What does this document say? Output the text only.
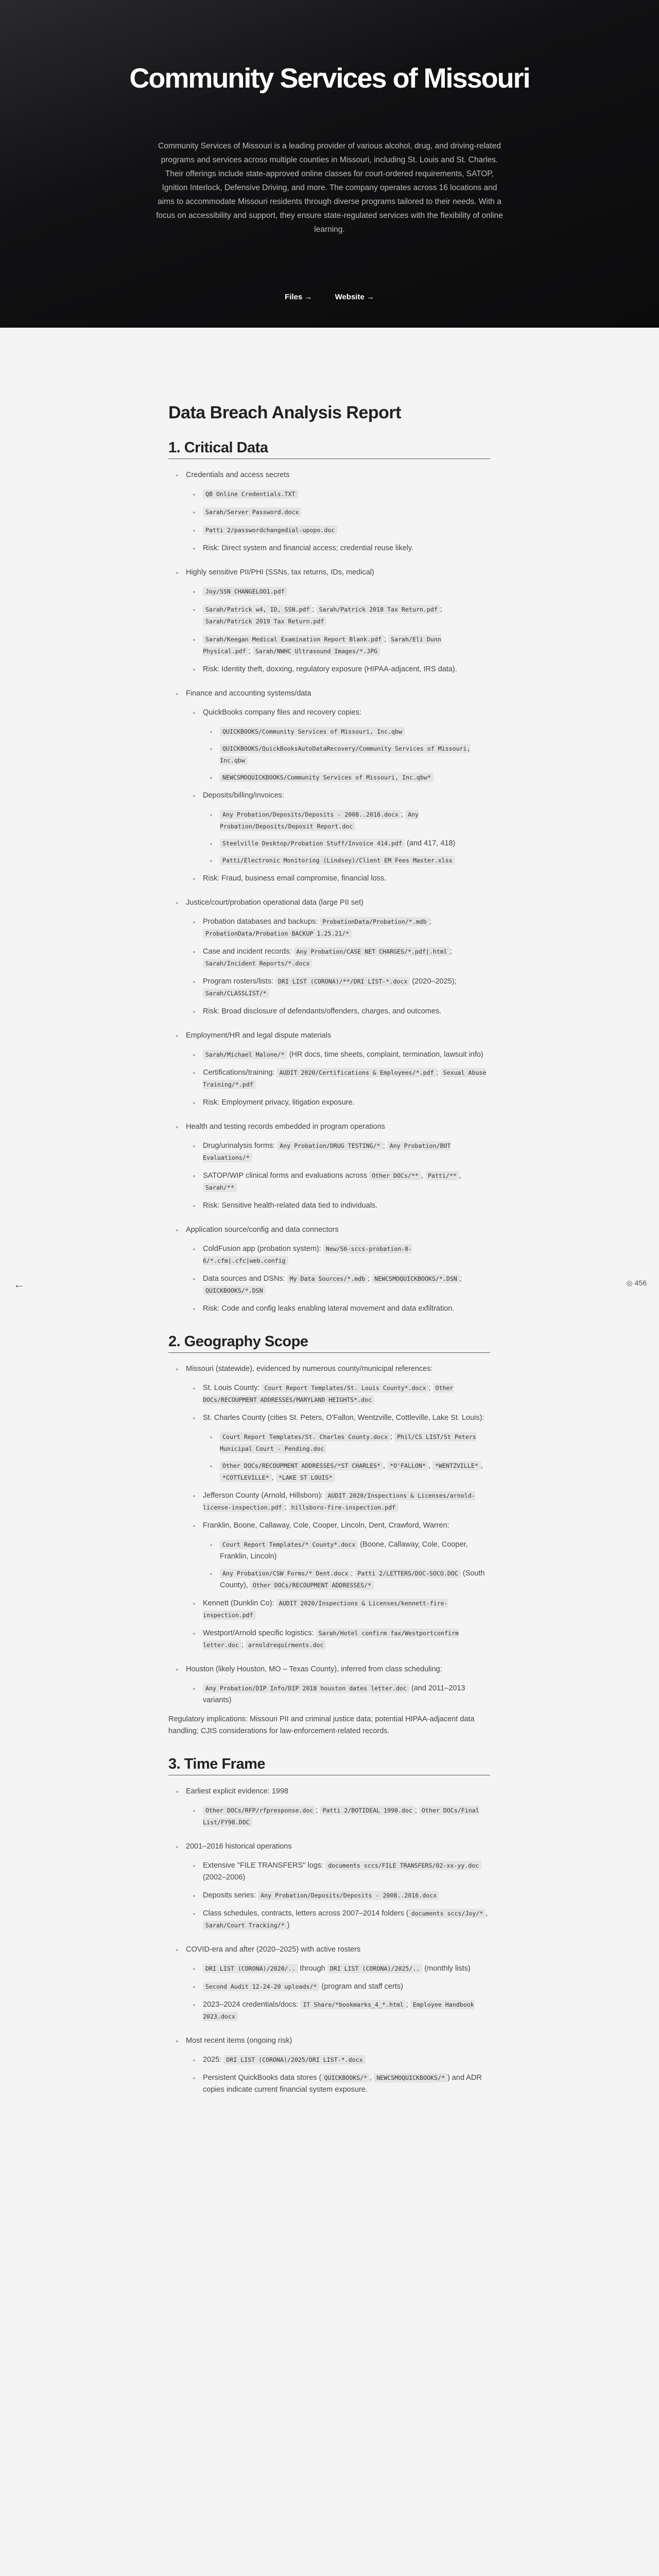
Community Services of Missouri
Community Services of Missouri is a leading provider of various alcohol, drug, and driving-related programs and services across multiple counties in Missouri, including St. Louis and St. Charles. Their offerings include state-approved online classes for court-ordered requirements, SATOP, Ignition Interlock, Defensive Driving, and more. The company operates across 16 locations and aims to accommodate Missouri residents through diverse programs tailored to their needs. With a focus on accessibility and support, they ensure state-regulated services with the flexibility of online learning.
Files →	Website →
←	◎ 456
Data Breach Analysis Report
1. Critical Data
Credentials and access secrets
QB Online Credentials.TXT
Sarah/Server Password.docx
Patti 2/passwordchangedial-upopo.doc
Risk: Direct system and financial access; credential reuse likely.
Highly sensitive PII/PHI (SSNs, tax returns, IDs, medical)
Joy/SSN CHANGELOO1.pdf
Sarah/Patrick w4, ID, SSN.pdf ; Sarah/Patrick 2018 Tax Return.pdf ; Sarah/Patrick 2019 Tax Return.pdf
Sarah/Keegan Medical Examination Report Blank.pdf ; Sarah/Eli Dunn Physical.pdf ; Sarah/NWHC Ultrasound Images/*.JPG
Risk: Identity theft, doxxing, regulatory exposure (HIPAA-adjacent, IRS data).
Finance and accounting systems/data
QuickBooks company files and recovery copies:
QUICKBOOKS/Community Services of Missouri, Inc.qbw
QUICKBOOKS/QuickBooksAutoDataRecovery/Community Services of Missouri, Inc.qbw
NEWCSMOQUICKBOOKS/Community Services of Missouri, Inc.qbw*
Deposits/billing/invoices:
Any Probation/Deposits/Deposits - 2008..2016.docx ; Any Probation/Deposits/Deposit Report.doc
Steelville Desktop/Probation Stuff/Invoice 414.pdf (and 417, 418)
Patti/Electronic Monitoring (Lindsey)/Client EM Fees Master.xlsx
Risk: Fraud, business email compromise, financial loss.
Justice/court/probation operational data (large PII set)
Probation databases and backups: ProbationData/Probation/*.mdb ; ProbationData/Probation BACKUP 1.25.21/*
Case and incident records: Any Probation/CASE NET CHARGES/*.pdf|.html ; Sarah/Incident Reports/*.docx
Program rosters/lists: DRI LIST (CORONA)/**/DRI LIST-*.docx (2020–2025); Sarah/CLASSLIST/*
Risk: Broad disclosure of defendants/offenders, charges, and outcomes.
Employment/HR and legal dispute materials
Sarah/Michael Malone/* (HR docs, time sheets, complaint, termination, lawsuit info)
Certifications/training: AUDIT 2020/Certifications & Employees/*.pdf ; Sexual Abuse Training/*.pdf
Risk: Employment privacy, litigation exposure.
Health and testing records embedded in program operations
Drug/urinalysis forms: Any Probation/DRUG TESTING/* ; Any Probation/BOT Evaluations/*
SATOP/WIP clinical forms and evaluations across Other DOCs/** , Patti/** , Sarah/**
Risk: Sensitive health-related data tied to individuals.
Application source/config and data connectors
ColdFusion app (probation system): New/S6-sccs-probation-8-6/*.cfm|.cfc|web.config
Data sources and DSNs: My Data Sources/*.mdb ; NEWCSMOQUICKBOOKS/*.DSN ; QUICKBOOKS/*.DSN
Risk: Code and config leaks enabling lateral movement and data exfiltration.
2. Geography Scope
Missouri (statewide), evidenced by numerous county/municipal references:
St. Louis County: Court Report Templates/St. Louis County*.docx ; Other DOCs/RECOUPMENT ADDRESSES/MARYLAND HEIGHTS*.doc
St. Charles County (cities St. Peters, O'Fallon, Wentzville, Cottleville, Lake St. Louis):
Court Report Templates/St. Charles County.docx ; Phil/CS LIST/St Peters Municipal Court - Pending.doc
Other DOCs/RECOUPMENT ADDRESSES/*ST CHARLES* , *O'FALLON* , *WENTZVILLE* , *COTTLEVILLE* , *LAKE ST LOUIS*
Jefferson County (Arnold, Hillsboro): AUDIT 2020/Inspections & Licenses/arnold-license-inspection.pdf ; hillsboro-fire-inspection.pdf
Franklin, Boone, Callaway, Cole, Cooper, Lincoln, Dent, Crawford, Warren:
Court Report Templates/* County*.docx (Boone, Callaway, Cole, Cooper, Franklin, Lincoln)
Any Probation/CSW Forms/* Dent.docx ; Patti 2/LETTERS/DOC-SOCO.DOC (South County), Other DOCs/RECOUPMENT ADDRESSES/*
Kennett (Dunklin Co): AUDIT 2020/Inspections & Licenses/kennett-fire-inspection.pdf
Westport/Arnold specific logistics: Sarah/Hotel confirm fax/Westportconfirm letter.doc ; arnoldrequirments.doc
Houston (likely Houston, MO – Texas County), inferred from class scheduling:
Any Probation/DIP Info/DIP 2018 houston dates letter.doc (and 2011–2013 variants)
Regulatory implications: Missouri PII and criminal justice data; potential HIPAA-adjacent data handling; CJIS considerations for law-enforcement-related records.
3. Time Frame
Earliest explicit evidence: 1998
Other DOCs/RFP/rfpresponse.doc ; Patti 2/BOTIDEAL 1998.doc ; Other DOCs/Final List/FY98.DOC
2001–2016 historical operations
Extensive "FILE TRANSFERS" logs: documents sccs/FILE TRANSFERS/02-xx-yy.doc (2002–2006)
Deposits series: Any Probation/Deposits/Deposits - 2008..2016.docx
Class schedules, contracts, letters across 2007–2014 folders ( documents sccs/Joy/* , Sarah/Court Tracking/* )
COVID-era and after (2020–2025) with active rosters
DRI LIST (CORONA)/2020/.. through DRI LIST (CORONA)/2025/.. (monthly lists)
Second Audit 12-24-20 uploads/* (program and staff certs)
2023–2024 credentials/docs: IT Share/*bookmarks_4_*.html ; Employee Handbook 2023.docx
Most recent items (ongoing risk)
2025: DRI LIST (CORONA)/2025/DRI LIST-*.docx
Persistent QuickBooks data stores ( QUICKBOOKS/* , NEWCSMOQUICKBOOKS/* ) and ADR copies indicate current financial system exposure.
